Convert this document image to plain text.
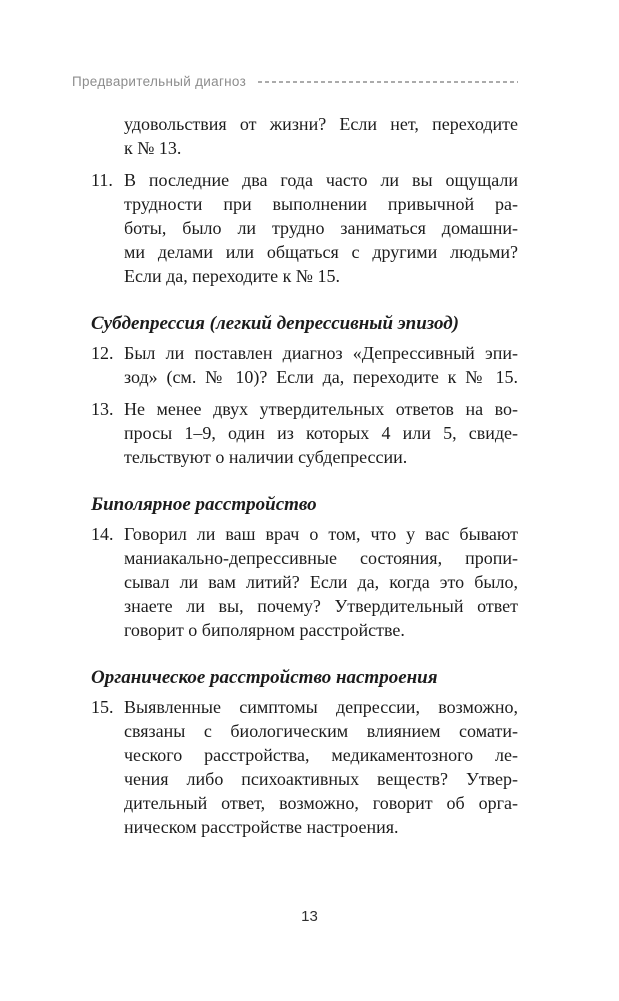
Предварительный диагноз
удовольствия от жизни? Если нет, переходите
к № 13.
11. В последние два года часто ли вы ощущали
трудности при выполнении привычной ра-
боты, было ли трудно заниматься домашни-
ми делами или общаться с другими людьми?
Если да, переходите к № 15.
Субдепрессия (легкий депрессивный эпизод)
12. Был ли поставлен диагноз «Депрессивный эпи-
зод» (см. № 10)? Если да, переходите к № 15.
13. Не менее двух утвердительных ответов на во-
просы 1–9, один из которых 4 или 5, свиде-
тельствуют о наличии субдепрессии.
Биполярное расстройство
14. Говорил ли ваш врач о том, что у вас бывают
маниакально-депрессивные состояния, пропи-
сывал ли вам литий? Если да, когда это было,
знаете ли вы, почему? Утвердительный ответ
говорит о биполярном расстройстве.
Органическое расстройство настроения
15. Выявленные симптомы депрессии, возможно,
связаны с биологическим влиянием сомати-
ческого расстройства, медикаментозного ле-
чения либо психоактивных веществ? Утвер-
дительный ответ, возможно, говорит об орга-
ническом расстройстве настроения.
13
